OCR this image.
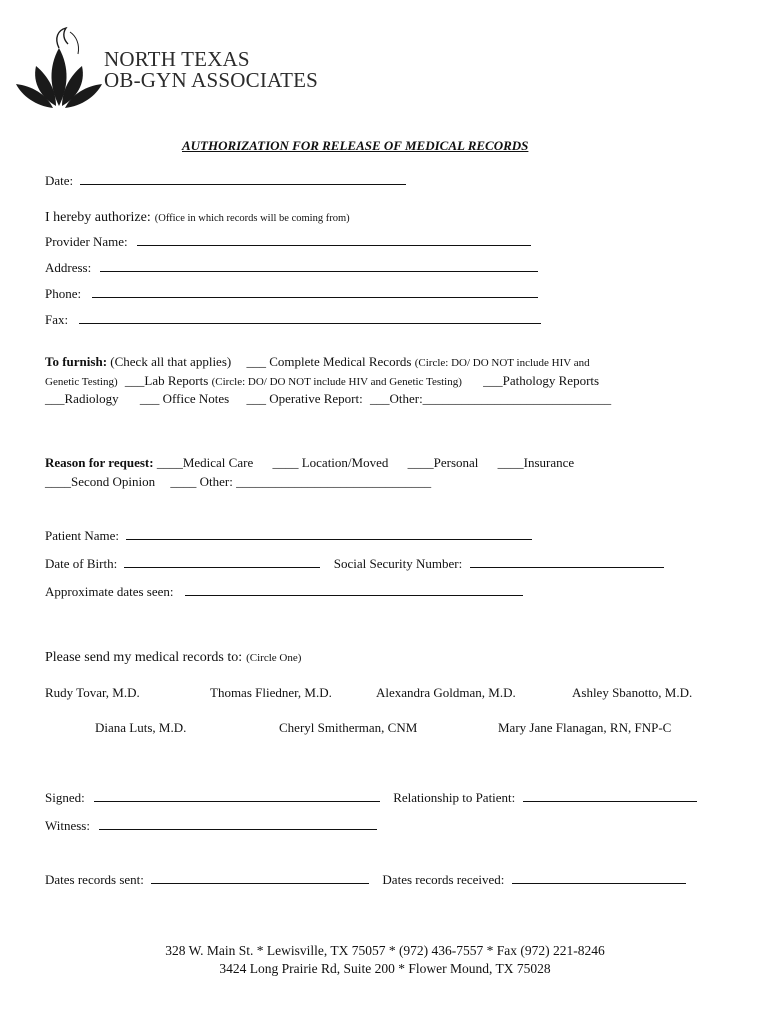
NORTH TEXAS
OB-GYN ASSOCIATES
AUTHORIZATION FOR RELEASE OF MEDICAL RECORDS
Date:
I hereby authorize: (Office in which records will be coming from)
Provider Name:
Address:
Phone:
Fax:
To furnish: (Check all that applies) ___ Complete Medical Records (Circle: DO/ DO NOT include HIV and
Genetic Testing) ___Lab Reports (Circle: DO/ DO NOT include HIV and Genetic Testing) ___Pathology Reports
___Radiology ___ Office Notes ___ Operative Report: ___Other:_____________________________
Reason for request: ____Medical Care ____ Location/Moved ____Personal ____Insurance
____Second Opinion ____ Other: ______________________________
Patient Name:
Date of Birth:	Social Security Number:
Approximate dates seen:
Please send my medical records to: (Circle One)
Rudy Tovar, M.D.	Thomas Fliedner, M.D.	Alexandra Goldman, M.D.	Ashley Sbanotto, M.D.
Diana Luts, M.D.	Cheryl Smitherman, CNM	Mary Jane Flanagan, RN, FNP-C
Signed:	Relationship to Patient:
Witness:
Dates records sent:	Dates records received:
328 W. Main St. * Lewisville, TX 75057 * (972) 436-7557 * Fax (972) 221-8246
3424 Long Prairie Rd, Suite 200 * Flower Mound, TX 75028
